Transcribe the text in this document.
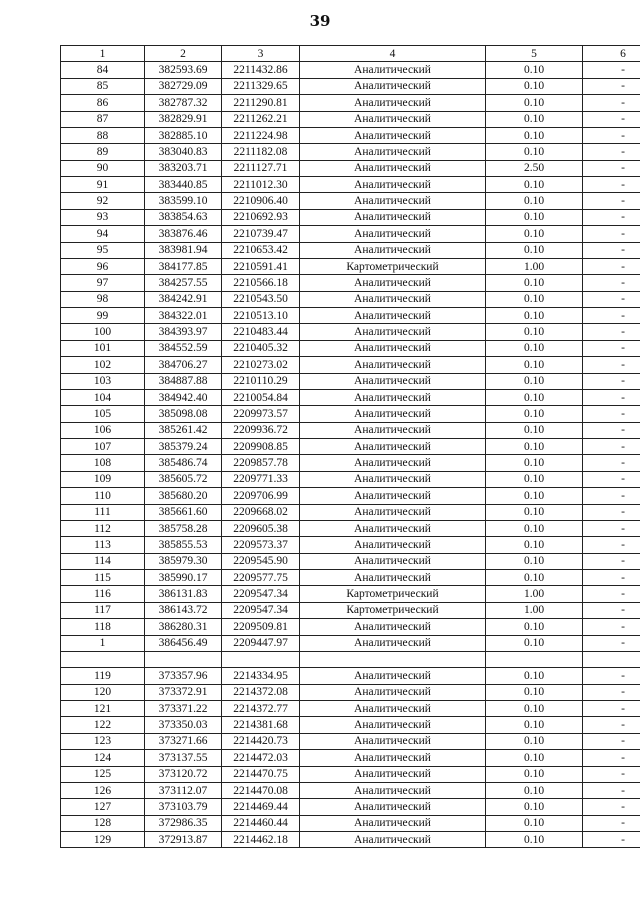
39
1	2	3	4	5	6
84	382593.69	2211432.86	Аналитический	0.10	-
85	382729.09	2211329.65	Аналитический	0.10	-
86	382787.32	2211290.81	Аналитический	0.10	-
87	382829.91	2211262.21	Аналитический	0.10	-
88	382885.10	2211224.98	Аналитический	0.10	-
89	383040.83	2211182.08	Аналитический	0.10	-
90	383203.71	2211127.71	Аналитический	2.50	-
91	383440.85	2211012.30	Аналитический	0.10	-
92	383599.10	2210906.40	Аналитический	0.10	-
93	383854.63	2210692.93	Аналитический	0.10	-
94	383876.46	2210739.47	Аналитический	0.10	-
95	383981.94	2210653.42	Аналитический	0.10	-
96	384177.85	2210591.41	Картометрический	1.00	-
97	384257.55	2210566.18	Аналитический	0.10	-
98	384242.91	2210543.50	Аналитический	0.10	-
99	384322.01	2210513.10	Аналитический	0.10	-
100	384393.97	2210483.44	Аналитический	0.10	-
101	384552.59	2210405.32	Аналитический	0.10	-
102	384706.27	2210273.02	Аналитический	0.10	-
103	384887.88	2210110.29	Аналитический	0.10	-
104	384942.40	2210054.84	Аналитический	0.10	-
105	385098.08	2209973.57	Аналитический	0.10	-
106	385261.42	2209936.72	Аналитический	0.10	-
107	385379.24	2209908.85	Аналитический	0.10	-
108	385486.74	2209857.78	Аналитический	0.10	-
109	385605.72	2209771.33	Аналитический	0.10	-
110	385680.20	2209706.99	Аналитический	0.10	-
111	385661.60	2209668.02	Аналитический	0.10	-
112	385758.28	2209605.38	Аналитический	0.10	-
113	385855.53	2209573.37	Аналитический	0.10	-
114	385979.30	2209545.90	Аналитический	0.10	-
115	385990.17	2209577.75	Аналитический	0.10	-
116	386131.83	2209547.34	Картометрический	1.00	-
117	386143.72	2209547.34	Картометрический	1.00	-
118	386280.31	2209509.81	Аналитический	0.10	-
1	386456.49	2209447.97	Аналитический	0.10	-

119	373357.96	2214334.95	Аналитический	0.10	-
120	373372.91	2214372.08	Аналитический	0.10	-
121	373371.22	2214372.77	Аналитический	0.10	-
122	373350.03	2214381.68	Аналитический	0.10	-
123	373271.66	2214420.73	Аналитический	0.10	-
124	373137.55	2214472.03	Аналитический	0.10	-
125	373120.72	2214470.75	Аналитический	0.10	-
126	373112.07	2214470.08	Аналитический	0.10	-
127	373103.79	2214469.44	Аналитический	0.10	-
128	372986.35	2214460.44	Аналитический	0.10	-
129	372913.87	2214462.18	Аналитический	0.10	-
